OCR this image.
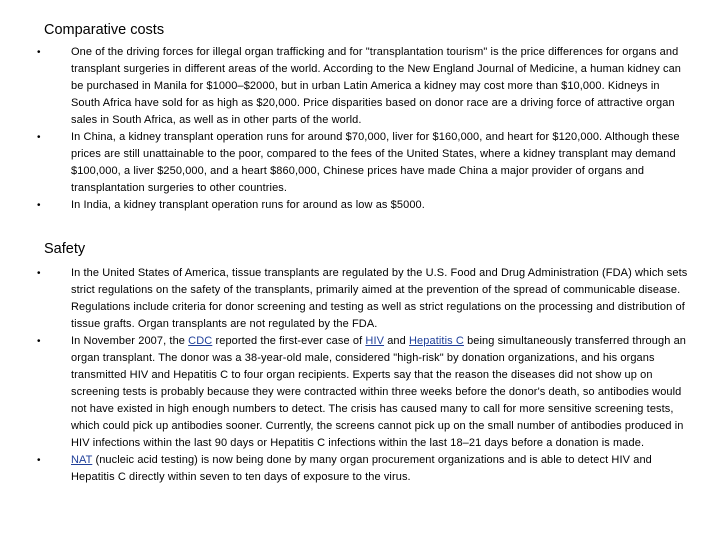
Comparative costs
•	One of the driving forces for illegal organ trafficking and for "transplantation tourism" is the price differences for organs and transplant surgeries in different areas of the world. According to the New England Journal of Medicine, a human kidney can be purchased in Manila for $1000–$2000, but in urban Latin America a kidney may cost more than $10,000. Kidneys in South Africa have sold for as high as $20,000. Price disparities based on donor race are a driving force of attractive organ sales in South Africa, as well as in other parts of the world.
•	In China, a kidney transplant operation runs for around $70,000, liver for $160,000, and heart for $120,000. Although these prices are still unattainable to the poor, compared to the fees of the United States, where a kidney transplant may demand $100,000, a liver $250,000, and a heart $860,000, Chinese prices have made China a major provider of organs and transplantation surgeries to other countries.
•	In India, a kidney transplant operation runs for around as low as $5000.
Safety
•	In the United States of America, tissue transplants are regulated by the U.S. Food and Drug Administration (FDA) which sets strict regulations on the safety of the transplants, primarily aimed at the prevention of the spread of communicable disease. Regulations include criteria for donor screening and testing as well as strict regulations on the processing and distribution of tissue grafts. Organ transplants are not regulated by the FDA.
•	In November 2007, the CDC reported the first-ever case of HIV and Hepatitis C being simultaneously transferred through an organ transplant. The donor was a 38-year-old male, considered "high-risk" by donation organizations, and his organs transmitted HIV and Hepatitis C to four organ recipients. Experts say that the reason the diseases did not show up on screening tests is probably because they were contracted within three weeks before the donor's death, so antibodies would not have existed in high enough numbers to detect. The crisis has caused many to call for more sensitive screening tests, which could pick up antibodies sooner. Currently, the screens cannot pick up on the small number of antibodies produced in HIV infections within the last 90 days or Hepatitis C infections within the last 18–21 days before a donation is made.
•	NAT (nucleic acid testing) is now being done by many organ procurement organizations and is able to detect HIV and Hepatitis C directly within seven to ten days of exposure to the virus.
